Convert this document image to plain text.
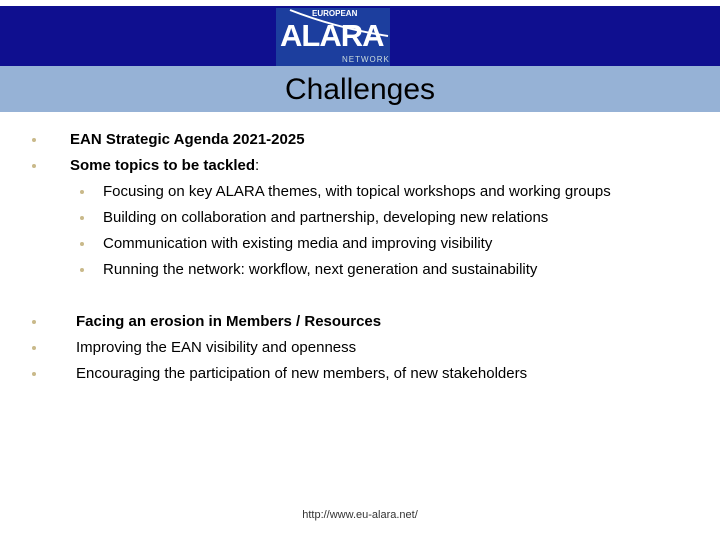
EUROPEAN
ALARA
NETWORK
Challenges
EAN Strategic Agenda 2021-2025
Some topics to be tackled:
Focusing on key ALARA themes, with topical workshops and working groups
Building on collaboration and partnership, developing new relations
Communication with existing media and improving visibility
Running the network: workflow, next generation and sustainability
Facing an erosion in Members / Resources
Improving the EAN visibility and openness
Encouraging the participation of new members, of new stakeholders
http://www.eu-alara.net/
